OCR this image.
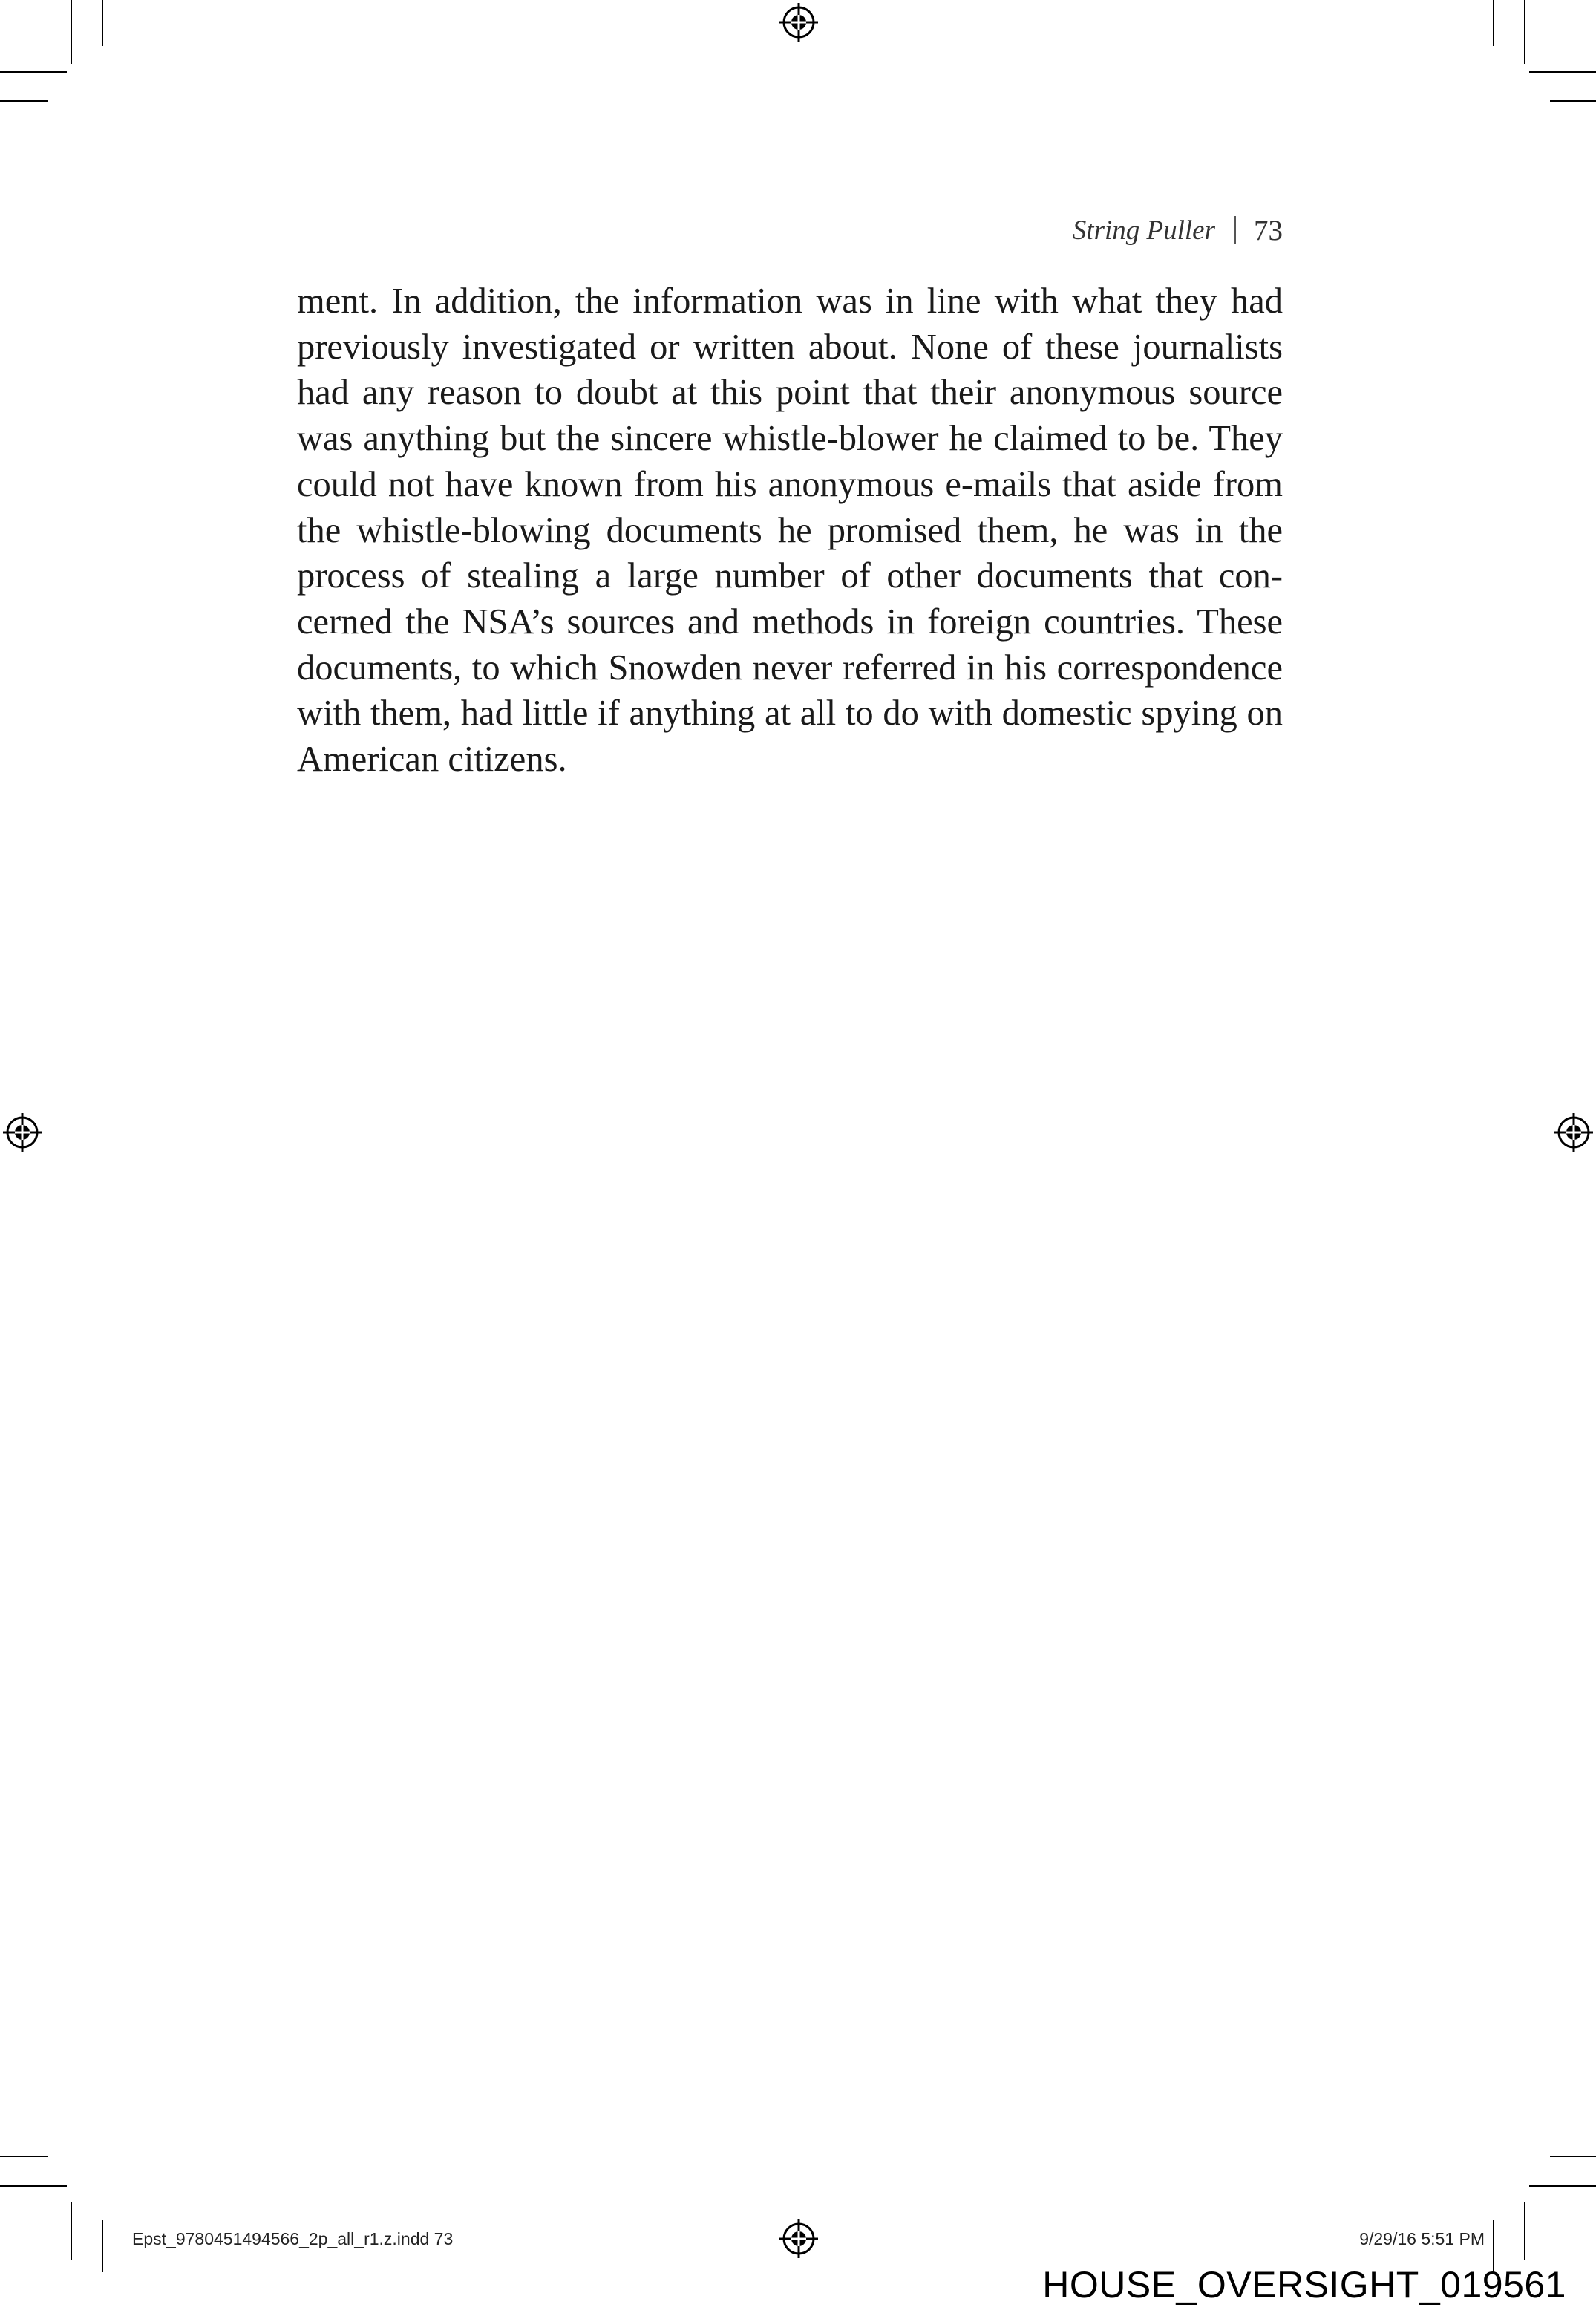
String Puller 73
ment. In addition, the information was in line with what they had
previously investigated or written about. None of these journalists
had any reason to doubt at this point that their anonymous source
was anything but the sincere whistle-blower he claimed to be. They
could not have known from his anonymous e-mails that aside from
the whistle-blowing documents he promised them, he was in the
process of stealing a large number of other documents that con-
cerned the NSA’s sources and methods in foreign countries. These
documents, to which Snowden never referred in his correspondence
with them, had little if anything at all to do with domestic spying on
American citizens.
Epst_9780451494566_2p_all_r1.z.indd 73	9/29/16 5:51 PM
HOUSE_OVERSIGHT_019561
